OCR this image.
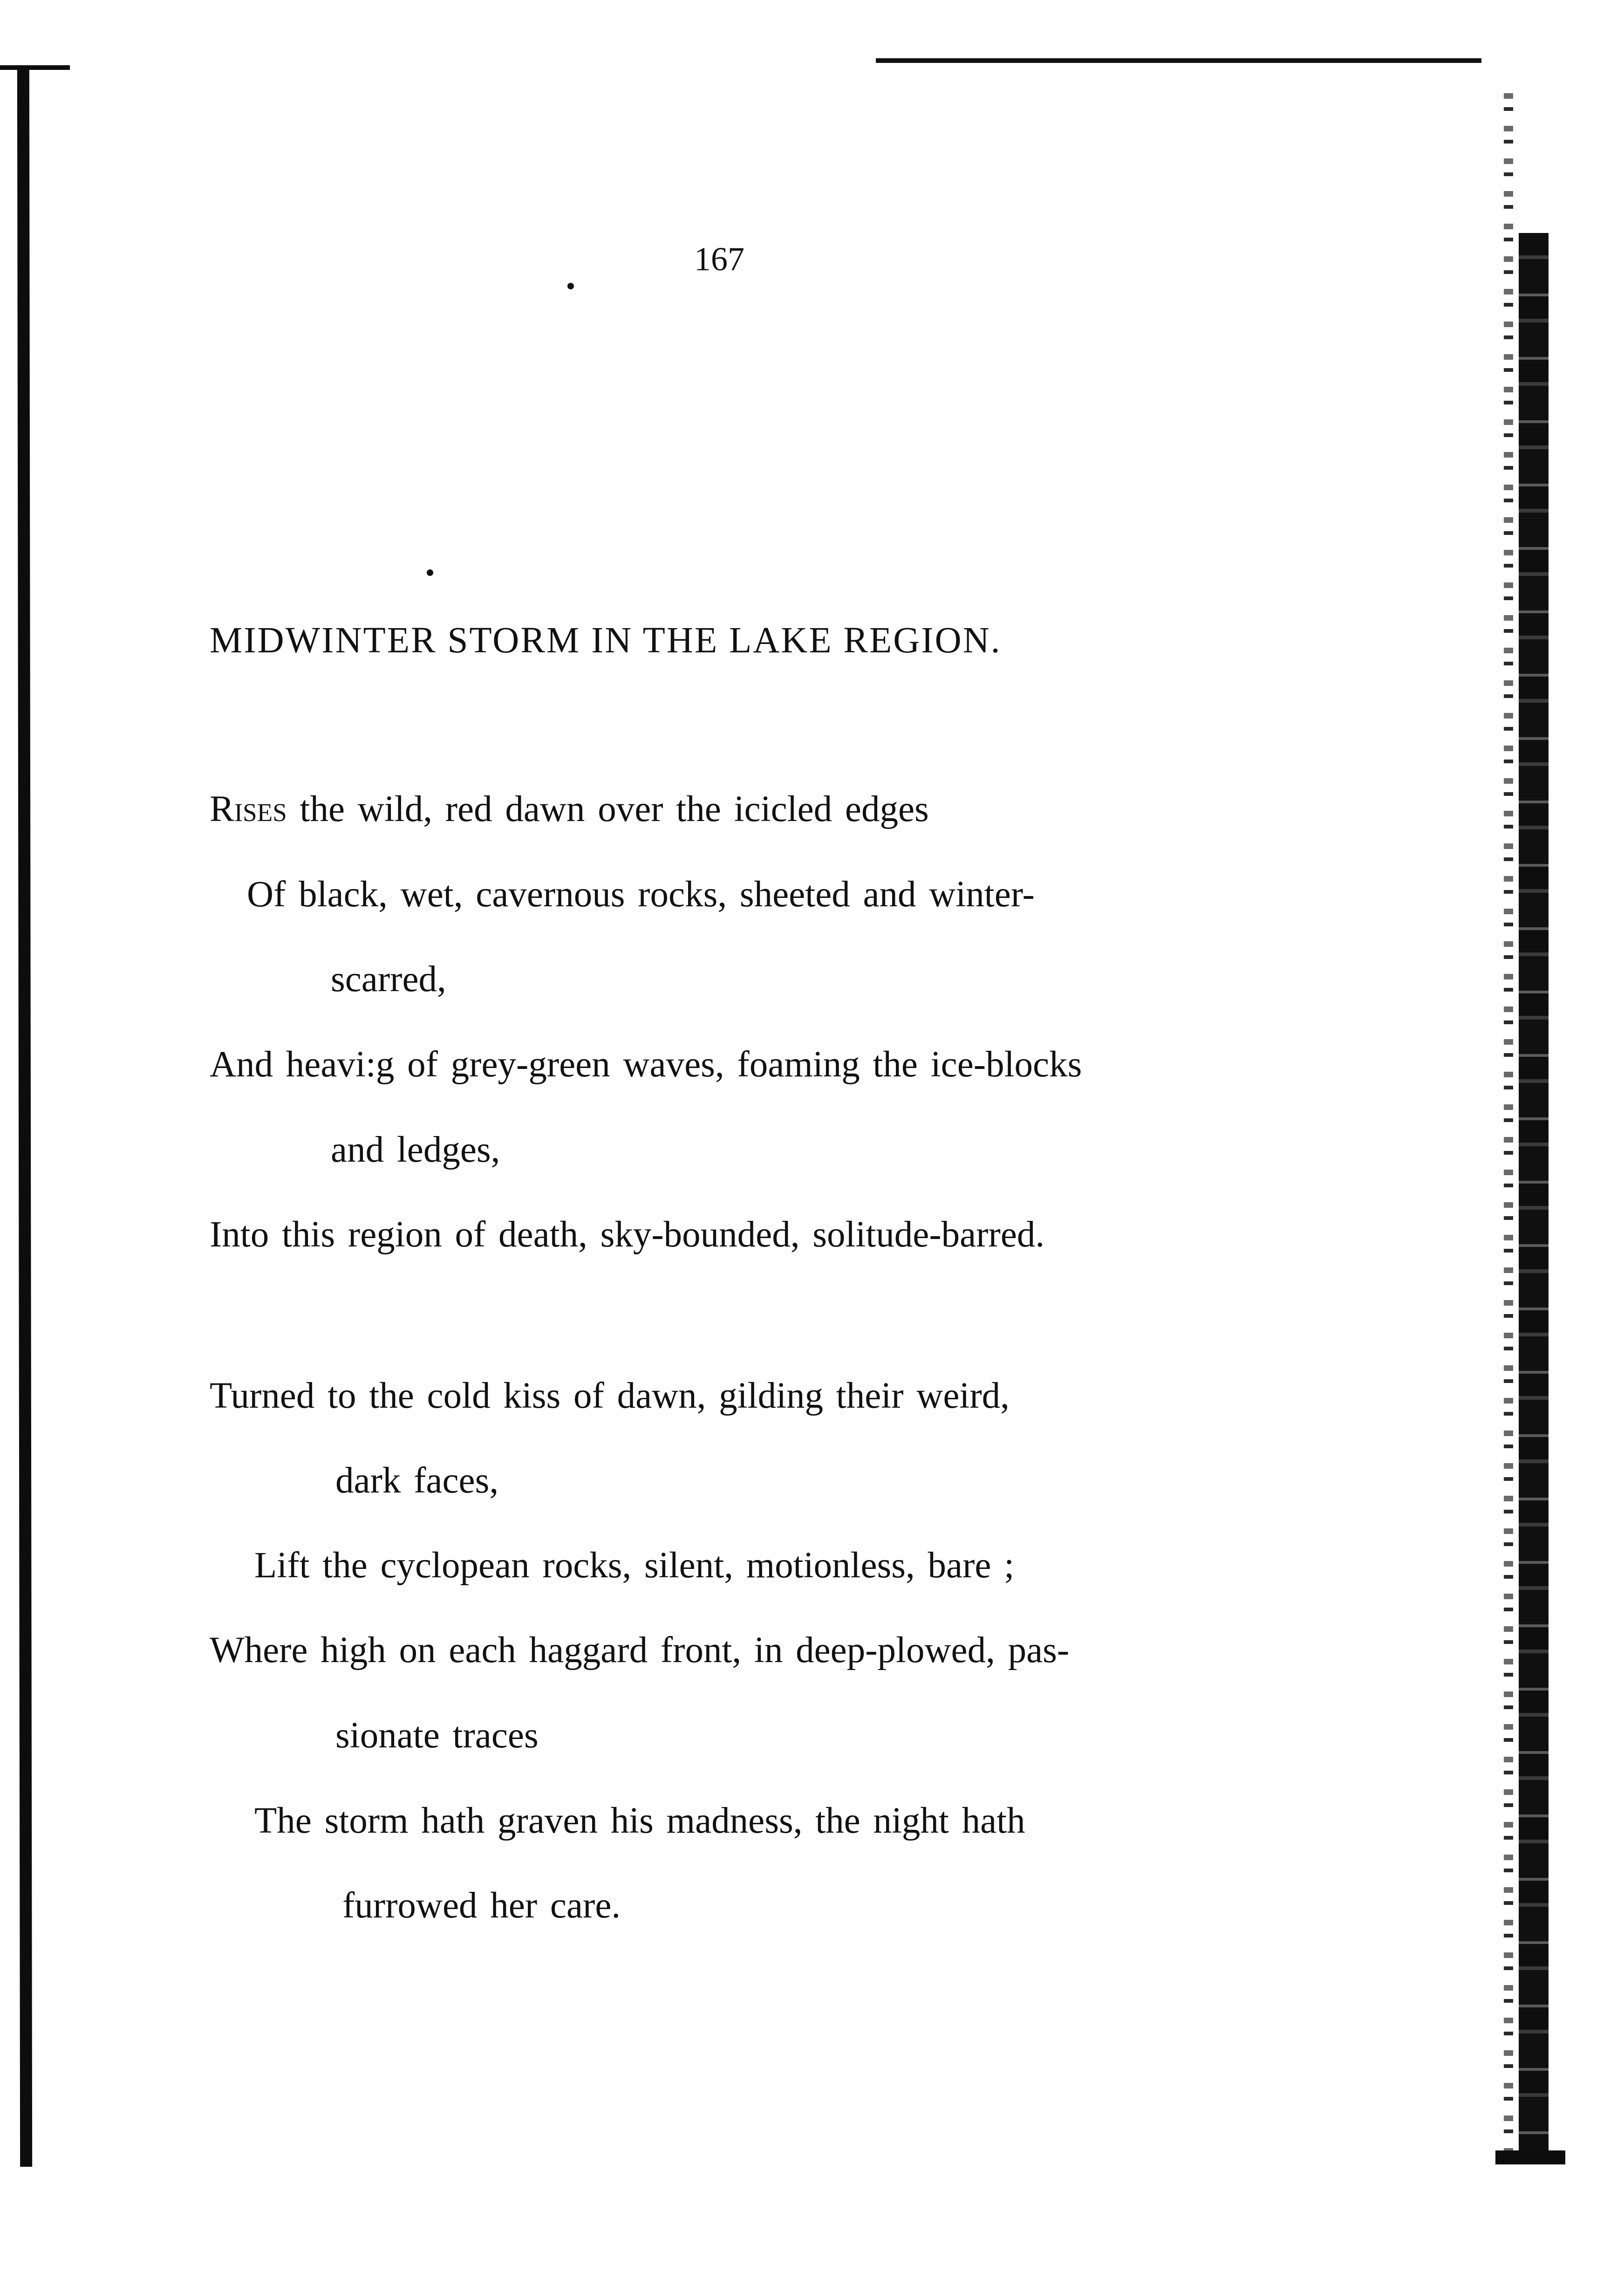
167
MIDWINTER STORM IN THE LAKE REGION.
Rises the wild, red dawn over the icicled edges
Of black, wet, cavernous rocks, sheeted and winter-
scarred,
And heavi:g of grey-green waves, foaming the ice-blocks
and ledges,
Into this region of death, sky-bounded, solitude-barred.
Turned to the cold kiss of dawn, gilding their weird,
dark faces,
Lift the cyclopean rocks, silent, motionless, bare ;
Where high on each haggard front, in deep-plowed, pas-
sionate traces
The storm hath graven his madness, the night hath
furrowed her care.
